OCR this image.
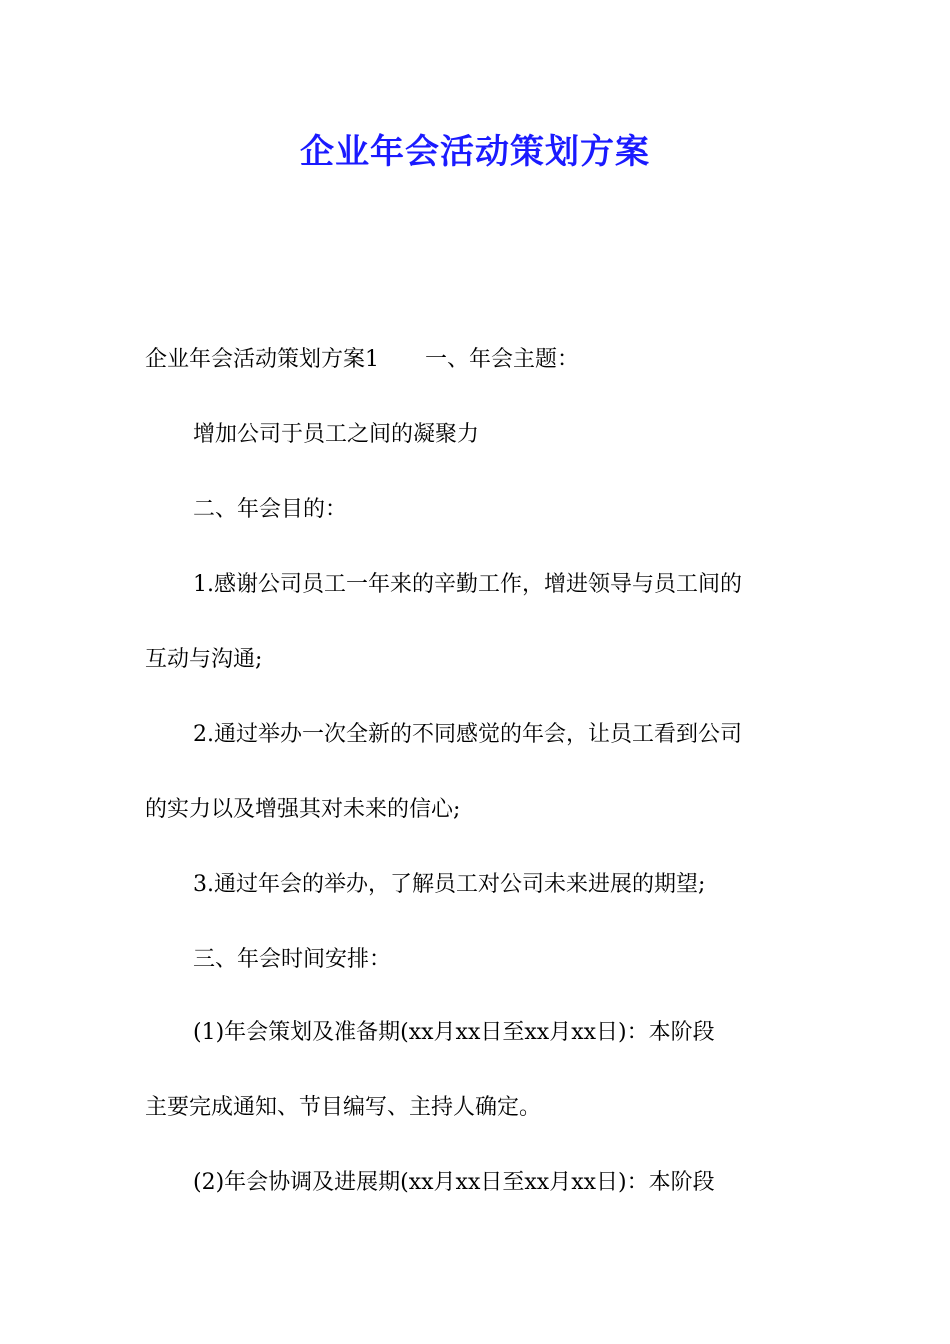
企业年会活动策划方案
企业年会活动策划方案1 一、年会主题：
增加公司于员工之间的凝聚力
二、年会目的：
1.感谢公司员工一年来的辛勤工作，增进领导与员工间的
互动与沟通;
2.通过举办一次全新的不同感觉的年会，让员工看到公司
的实力以及增强其对未来的信心;
3.通过年会的举办，了解员工对公司未来进展的期望;
三、年会时间安排：
(1)年会策划及准备期(xx月xx日至xx月xx日)：本阶段
主要完成通知、节目编写、主持人确定。
(2)年会协调及进展期(xx月xx日至xx月xx日)：本阶段
